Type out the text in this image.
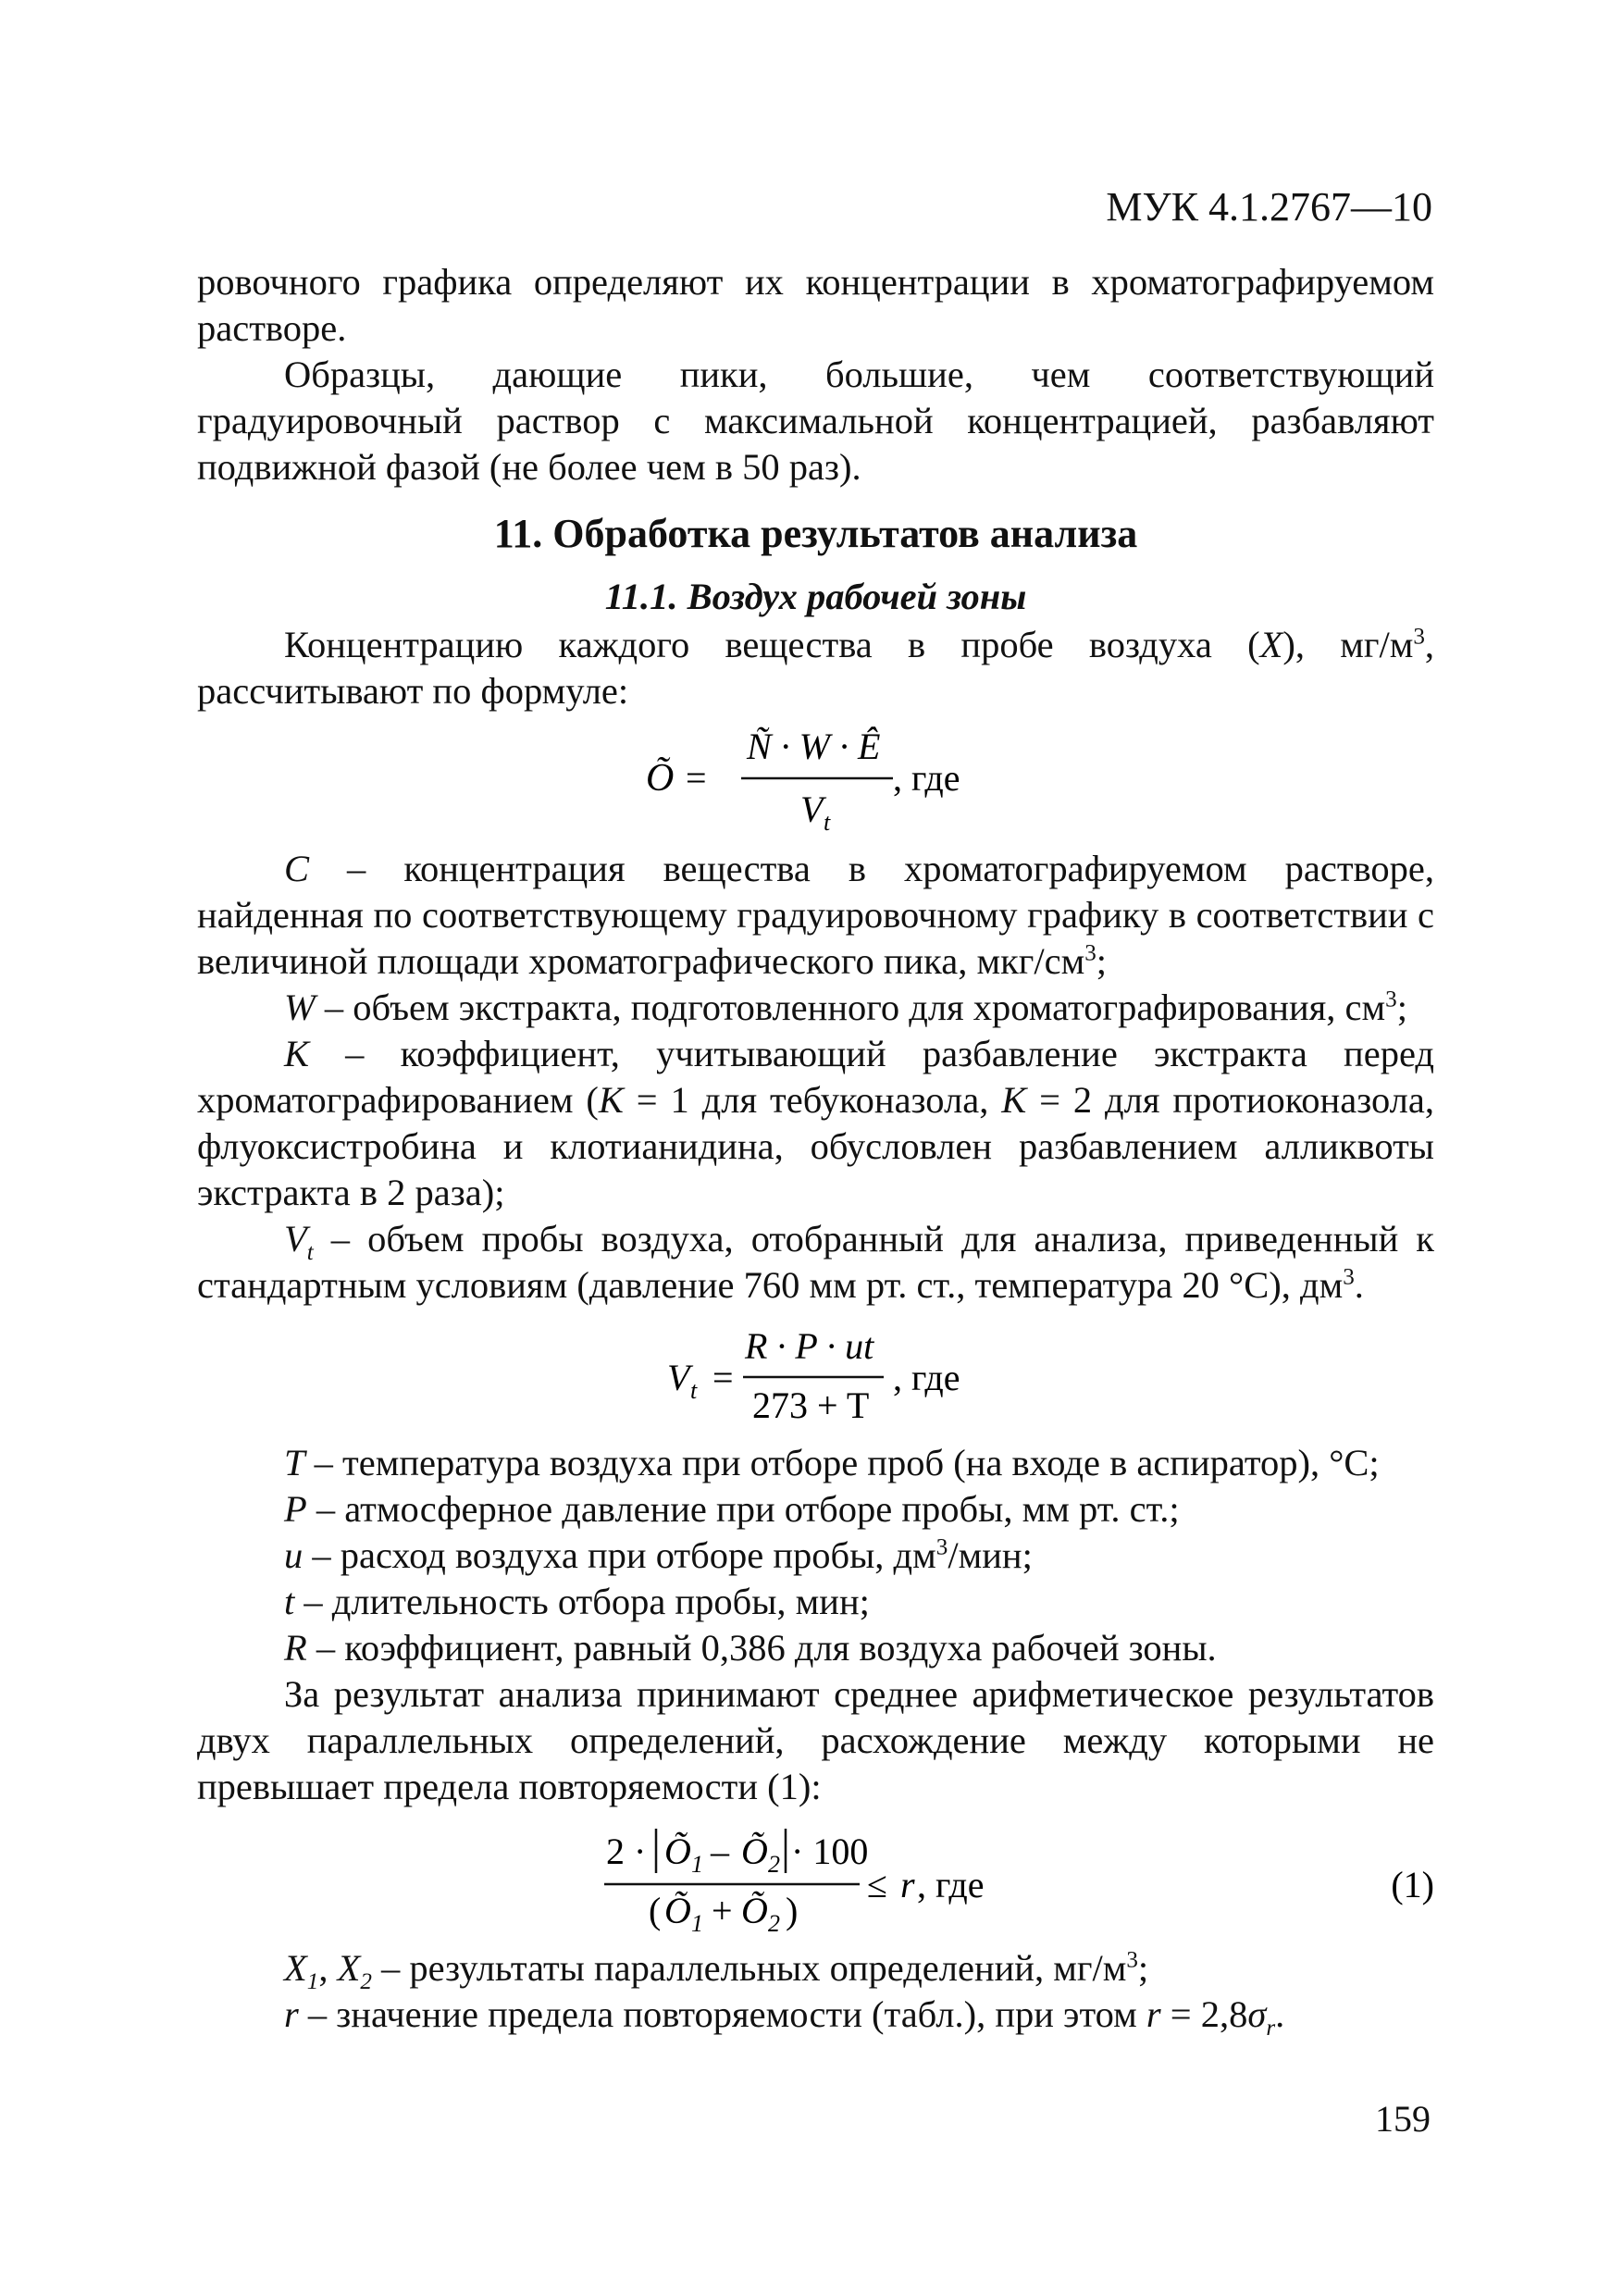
МУК 4.1.2767—10

ровочного графика определяют их концентрации в хроматографируемом растворе.

Образцы, дающие пики, большие, чем соответствующий градуировочный раствор с максимальной концентрацией, разбавляют подвижной фазой (не более чем в 50 раз).

11. Обработка результатов анализа

11.1. Воздух рабочей зоны

Концентрацию каждого вещества в пробе воздуха (X), $мг/м^3$, рассчитывают по формуле:

Õ =
Ñ · W · Ê
V t
, где

С – концентрация вещества в хроматографируемом растворе, найденная по соответствующему градуировочному графику в соответствии с величиной площади хроматографического пика, мкг/$см^3$;

W – объем экстракта, подготовленного для хроматографирования, $см^3$;

К – коэффициент, учитывающий разбавление экстракта перед хроматографированием (К = 1 для тебуконазола, К = 2 для протиоконазола, флуоксистробина и клотианидина, обусловлен разбавлением алликвоты экстракта в 2 раза);

$V_t$ – объем пробы воздуха, отобранный для анализа, приведенный к стандартным условиям (давление 760 мм рт. ст., температура 20 °С), $дм^3$.

V t =
R · P · ut
273 + T
, где

Т – температура воздуха при отборе проб (на входе в аспиратор), °С;

Р – атмосферное давление при отборе пробы, мм рт. ст.;

и – расход воздуха при отборе пробы, $дм^3$/мин;

t – длительность отбора пробы, мин;

R – коэффициент, равный 0,386 для воздуха рабочей зоны.

За результат анализа принимают среднее арифметическое результатов двух параллельных определений, расхождение между которыми не превышает предела повторяемости (1):

2 · Õ 1 – Õ 2 · 100
( Õ 1 + Õ 2 )
≤ r , где	(1)

$X_1$, $X_2$ – результаты параллельных определений, $мг/м^3$;

r – значение предела повторяемости (табл.), при этом $r = 2,8\sigma_r$.

159
